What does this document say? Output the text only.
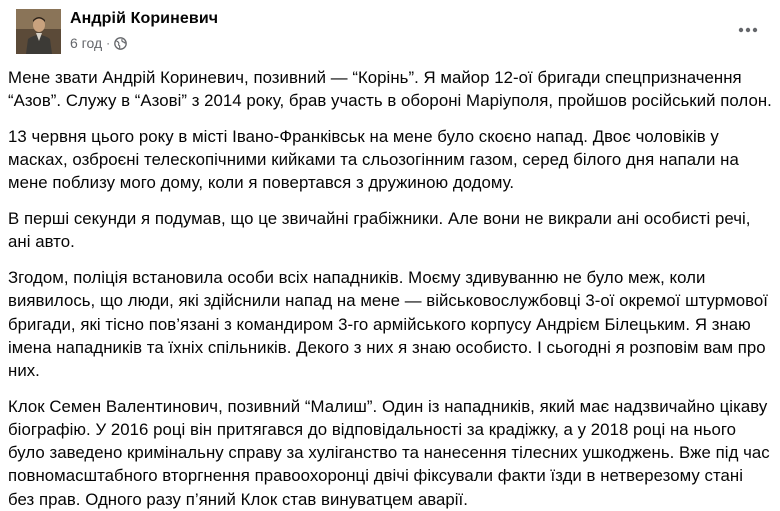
Андрій Кориневич
6 год ·

Мене звати Андрій Кориневич, позивний — “Корінь”. Я майор 12-ої бригади спецпризначення “Азов”. Служу в “Азові” з 2014 року, брав участь в обороні Маріуполя, пройшов російський полон.

13 червня цього року в місті Івано-Франківськ на мене було скоєно напад. Двоє чоловіків у масках, озброєні телескопічними кийками та сльозогінним газом, серед білого дня напали на мене поблизу мого дому, коли я повертався з дружиною додому.

В перші секунди я подумав, що це звичайні грабіжники. Але вони не викрали ані особисті речі, ані авто.

Згодом, поліція встановила особи всіх нападників. Моєму здивуванню не було меж, коли виявилось, що люди, які здійснили напад на мене — військовослужбовці 3-ої окремої штурмової бригади, які тісно пов’язані з командиром 3-го армійського корпусу Андрієм Білецьким. Я знаю імена нападників та їхніх спільників. Декого з них я знаю особисто. І сьогодні я розповім вам про них.

Клок Семен Валентинович, позивний “Малиш”. Один із нападників, який має надзвичайно цікаву біографію. У 2016 році він притягався до відповідальності за крадіжку, а у 2018 році на нього було заведено кримінальну справу за хуліганство та нанесення тілесних ушкоджень. Вже під час повномасштабного вторгнення правоохоронці двічі фіксували факти їзди в нетверезому стані без прав. Одного разу п’яний Клок став винуватцем аварії.
